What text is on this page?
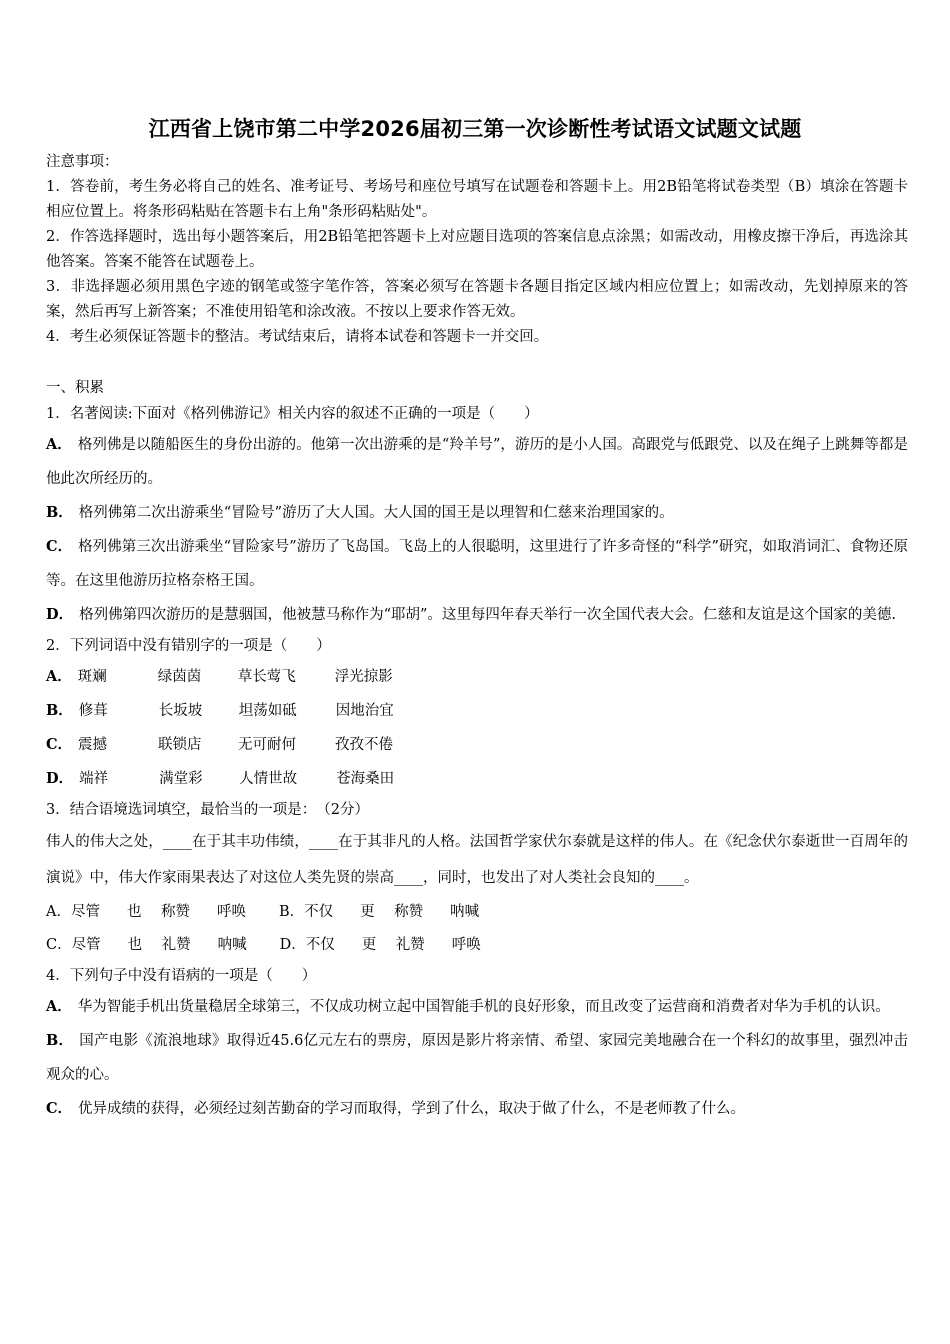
江西省上饶市第二中学2026届初三第一次诊断性考试语文试题文试题
注意事项：
1．答卷前，考生务必将自己的姓名、准考证号、考场号和座位号填写在试题卷和答题卡上。用2B铅笔将试卷类型（B）填涂在答题卡相应位置上。将条形码粘贴在答题卡右上角"条形码粘贴处"。
2．作答选择题时，选出每小题答案后，用2B铅笔把答题卡上对应题目选项的答案信息点涂黑；如需改动，用橡皮擦干净后，再选涂其他答案。答案不能答在试题卷上。
3．非选择题必须用黑色字迹的钢笔或签字笔作答，答案必须写在答题卡各题目指定区域内相应位置上；如需改动，先划掉原来的答案，然后再写上新答案；不准使用铅笔和涂改液。不按以上要求作答无效。
4．考生必须保证答题卡的整洁。考试结束后，请将本试卷和答题卡一并交回。
一、积累
1．名著阅读:下面对《格列佛游记》相关内容的叙述不正确的一项是（　　）
A． 格列佛是以随船医生的身份出游的。他第一次出游乘的是“羚羊号”，游历的是小人国。高跟党与低跟党、以及在绳子上跳舞等都是他此次所经历的。
B． 格列佛第二次出游乘坐“冒险号”游历了大人国。大人国的国王是以理智和仁慈来治理国家的。
C． 格列佛第三次出游乘坐“冒险家号”游历了飞岛国。飞岛上的人很聪明，这里进行了许多奇怪的“科学”研究，如取消词汇、食物还原等。在这里他游历拉格奈格王国。
D． 格列佛第四次游历的是慧骃国，他被慧马称作为“耶胡”。这里每四年春天举行一次全国代表大会。仁慈和友谊是这个国家的美德.
2．下列词语中没有错别字的一项是（　　）
A． 斑斓	绿茵茵	草长莺飞	浮光掠影
B． 修葺	长坂坡	坦荡如砥	因地治宜
C． 震撼	联锁店	无可耐何	孜孜不倦
D． 端祥	满堂彩	人情世故	苍海桑田
3．结合语境选词填空，最恰当的一项是：　（2分）
伟人的伟大之处，____在于其丰功伟绩，____在于其非凡的人格。法国哲学家伏尔泰就是这样的伟人。在《纪念伏尔泰逝世一百周年的演说》中，伟大作家雨果表达了对这位人类先贤的崇高____，同时，也发出了对人类社会良知的____。
A．尽管 也 称赞 呼唤 B．不仅 更 称赞 呐喊
C．尽管 也 礼赞 呐喊 D．不仅 更 礼赞 呼唤
4．下列句子中没有语病的一项是（　　）
A． 华为智能手机出货量稳居全球第三，不仅成功树立起中国智能手机的良好形象，而且改变了运营商和消费者对华为手机的认识。
B． 国产电影《流浪地球》取得近45.6亿元左右的票房，原因是影片将亲情、希望、家园完美地融合在一个科幻的故事里，强烈冲击观众的心。
C． 优异成绩的获得，必须经过刻苦勤奋的学习而取得，学到了什么，取决于做了什么，不是老师教了什么。
